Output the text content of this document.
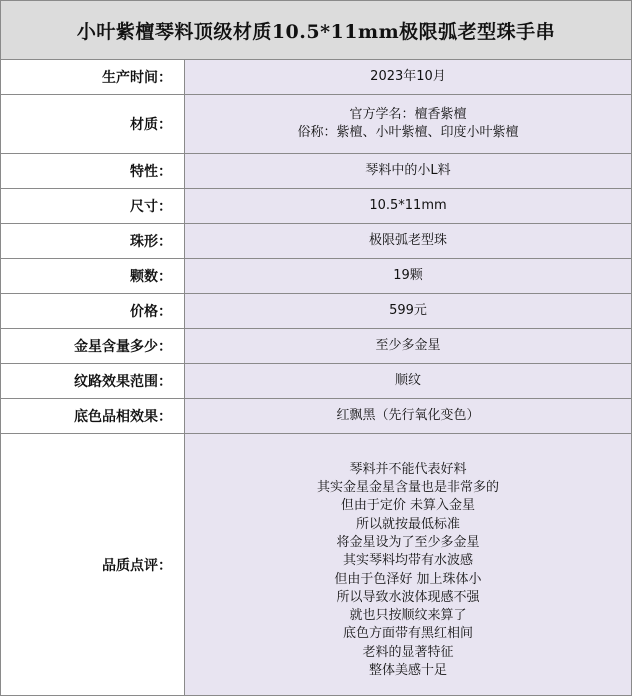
小叶紫檀琴料顶级材质10.5*11mm极限弧老型珠手串
生产时间：	2023年10月
材质：
官方学名：檀香紫檀
俗称：紫檀、小叶紫檀、印度小叶紫檀
特性：	琴料中的小L料
尺寸：	10.5*11mm
珠形：	极限弧老型珠
颗数：	19颗
价格：	599元
金星含量多少：	至少多金星
纹路效果范围：	顺纹
底色品相效果：	红飘黑（先行氧化变色）
品质点评：
琴料并不能代表好料
其实金星金星含量也是非常多的
但由于定价 未算入金星
所以就按最低标准
将金星设为了至少多金星
其实琴料均带有水波感
但由于色泽好 加上珠体小
所以导致水波体现感不强
就也只按顺纹来算了
底色方面带有黑红相间
老料的显著特征
整体美感十足
